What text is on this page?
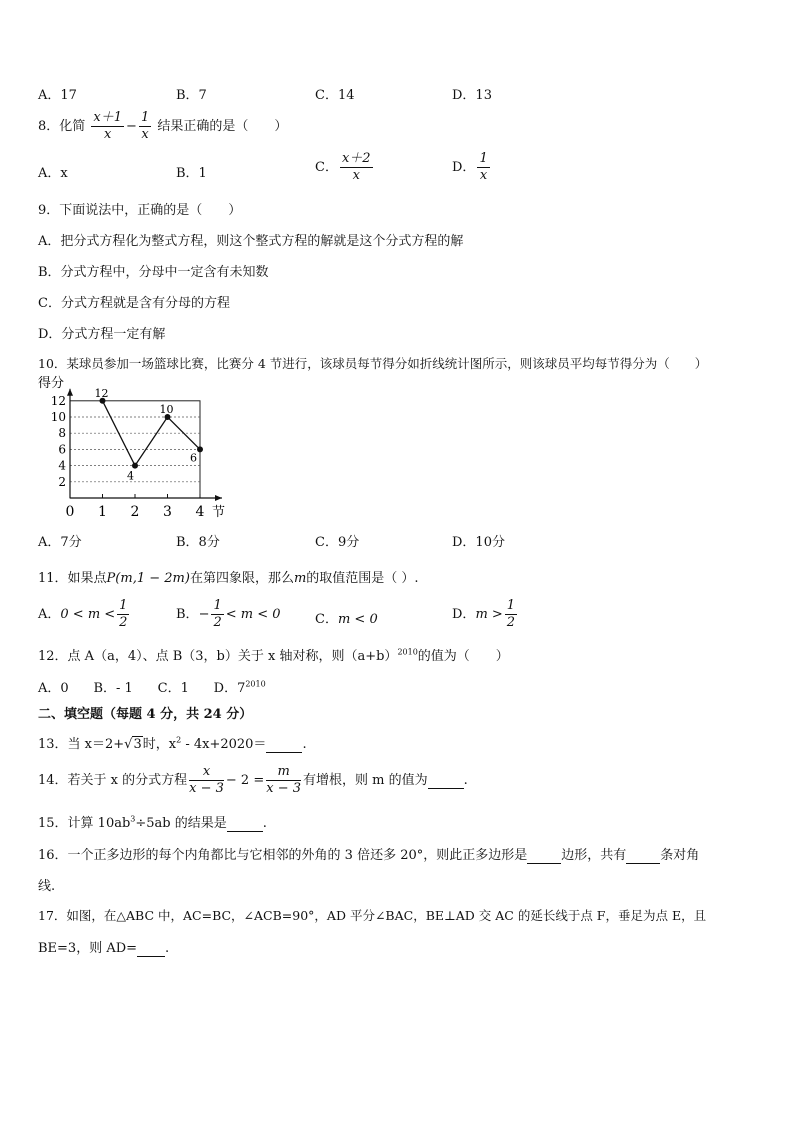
A．17	B．7	C．14	D．13
8．化简 $\frac{x+1}{x} - \frac{1}{x}$ 结果正确的是（　　）
A．x	B．1	C． $\frac{x+2}{x}$	D． $\frac{1}{x}$
9．下面说法中，正确的是（　　）
A．把分式方程化为整式方程，则这个整式方程的解就是这个分式方程的解
B．分式方程中，分母中一定含有未知数
C．分式方程就是含有分母的方程
D．分式方程一定有解
10．某球员参加一场篮球比赛，比赛分 4 节进行，该球员每节得分如折线统计图所示，则该球员平均每节得分为（　　）
得分
2
4
6
8
10
12
0 1 2 3 4 节
12
4
10
6
A．7分	B．8分	C．9分	D．10分
11．如果点P(m,1 − 2m)在第四象限，那么m的取值范围是（ ）.
A．$0 < m < \frac{1}{2}$	B．− $\frac{1}{2} < m < 0$	C．m < 0	D．$m > \frac{1}{2}$
12．点 A（a，4）、点 B（3，b）关于 x 轴对称，则$(a+b)^{2010}$的值为（　　）
A．0 B．- 1 C．1 D．$7^{2010}$
二、填空题（每题 4 分，共 24 分）
13．当 x＝2+√3时，$x^2 - 4x+2020=$	.
14．若关于 x 的分式方程 $\frac{x}{x - 3} - 2 = \frac{m}{x - 3}$ 有增根，则 m 的值为	.
15．计算 $10ab^3\div 5ab$ 的结果是	.
16．一个正多边形的每个内角都比与它相邻的外角的 3 倍还多 20°，则此正多边形是	边形，共有	条对角
线.
17．如图，在△ABC 中，AC=BC，∠ACB=90°，AD 平分∠BAC，BE⊥AD 交 AC 的延长线于点 F，垂足为点 E，且
BE=3，则 AD= .
